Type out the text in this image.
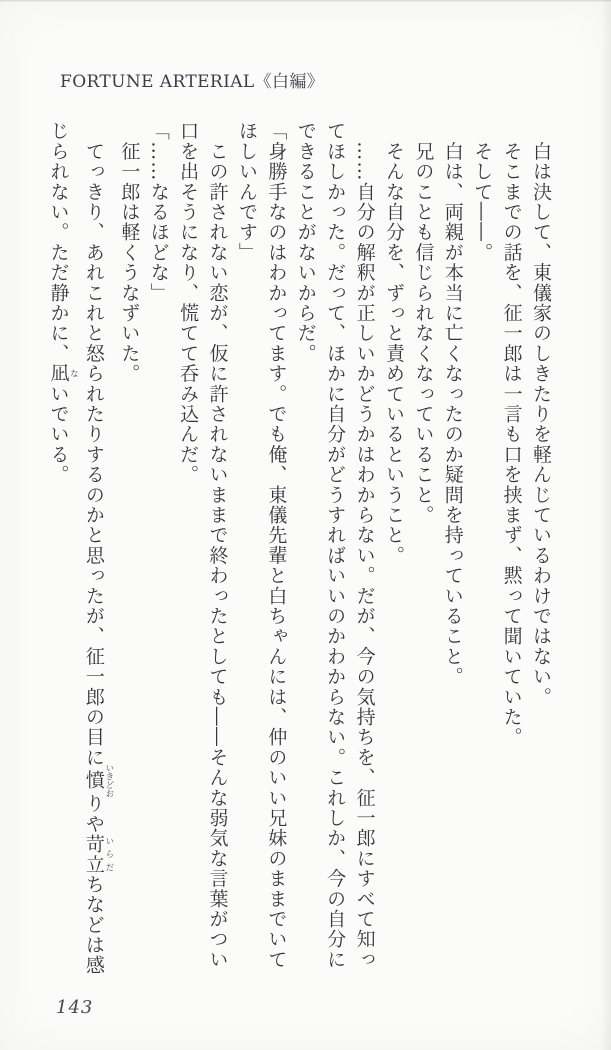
FORTUNE ARTERIAL《白編》
　白は決して、東儀家のしきたりを軽んじているわけではない。
　そこまでの話を、征一郎は一言も口を挟まず、黙って聞いていた。
　そして――。
　白は、両親が本当に亡くなったのか疑問を持っていること。
　兄のことも信じられなくなっていること。
　そんな自分を、ずっと責めているということ。
　……自分の解釈が正しいかどうかはわからない。だが、今の気持ちを、征一郎にすべて知っ
てほしかった。だって、ほかに自分がどうすればいいのかわからない。これしか、今の自分に
できることがないからだ。
「身勝手なのはわかってます。でも俺、東儀先輩と白ちゃんには、仲のいい兄妹のままでいて
ほしいんです」
　この許されない恋が、仮に許されないままで終わったとしても――そんな弱気な言葉がつい
口を出そうになり、慌てて呑み込んだ。
「……なるほどな」
　征一郎は軽くうなずいた。
　てっきり、あれこれと怒られたりするのかと思ったが、征一郎の目に憤 いきどおりや苛立 いらだちなどは感
じられない。ただ静かに、凪 ないでいる。
143
